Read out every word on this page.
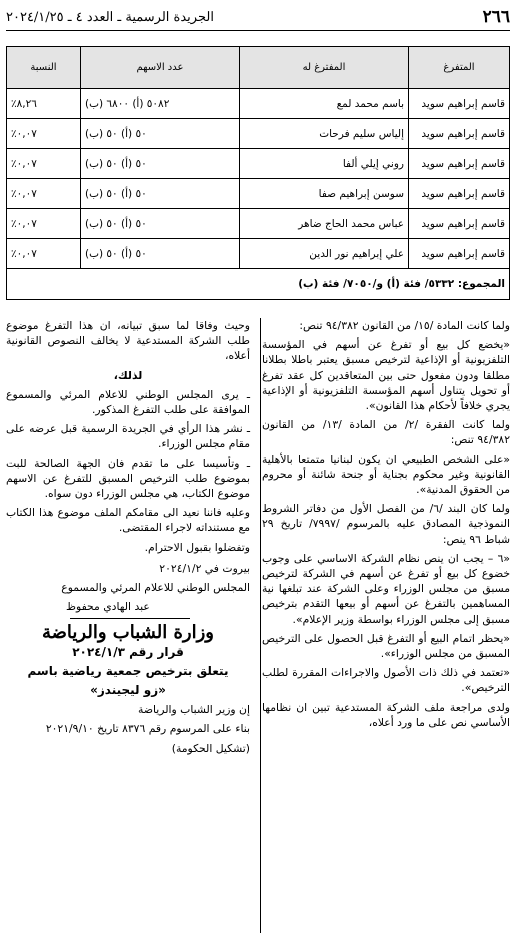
٢٦٦
الجريدة الرسمية ـ العدد ٤ ـ ٢٠٢٤/١/٢٥
المتفرغ	المفترغ له	عدد الاسهم	النسبة
قاسم إبراهيم سويد	باسم محمد لمع	٥٠٨٢ (أ) ٦٨٠٠ (ب)	٨,٢٦٪
قاسم إبراهيم سويد	إلياس سليم فرحات	٥٠ (أ) ٥٠ (ب)	٠,٠٧٪
قاسم إبراهيم سويد	روني إيلي ألفا	٥٠ (أ) ٥٠ (ب)	٠,٠٧٪
قاسم إبراهيم سويد	سوسن إبراهيم صفا	٥٠ (أ) ٥٠ (ب)	٠,٠٧٪
قاسم إبراهيم سويد	عباس محمد الحاج ضاهر	٥٠ (أ) ٥٠ (ب)	٠,٠٧٪
قاسم إبراهيم سويد	علي إبراهيم نور الدين	٥٠ (أ) ٥٠ (ب)	٠,٠٧٪
المجموع: ٥٣٣٢/ فئة (أ) و/٧٠٥٠/ فئة (ب)			

ولما كانت المادة /١٥/ من القانون ٩٤/٣٨٢ تنص:

«يخضع كل بيع أو تفرغ عن أسهم في المؤسسة التلفزيونية أو الإذاعية لترخيص مسبق يعتبر باطلا بطلانا مطلقا ودون مفعول حتى بين المتعاقدين كل عقد تفرغ أو تحويل يتناول أسهم المؤسسة التلفزيونية أو الإذاعية يجري خلافاً لأحكام هذا القانون».

ولما كانت الفقرة /٢/ من المادة /١٣/ من القانون ٩٤/٣٨٢ تنص:

«على الشخص الطبيعي ان يكون لبنانيا متمتعا بالأهلية القانونية وغير محكوم بجناية أو جنحة شائنة أو محروم من الحقوق المدنية».

ولما كان البند /٦/ من الفصل الأول من دفاتر الشروط النموذجية المصادق عليه بالمرسوم /٧٩٩٧/ تاريخ ٢٩ شباط ٩٦ ينص:

«٦ – يجب ان ينص نظام الشركة الاساسي على وجوب خضوع كل بيع أو تفرغ عن أسهم في الشركة لترخيص مسبق من مجلس الوزراء وعلى الشركة عند تبلغها نية المساهمين بالتفرغ عن أسهم أو بيعها التقدم بترخيص مسبق إلى مجلس الوزراء بواسطة وزير الإعلام».

«يحظر اتمام البيع أو التفرغ قبل الحصول على الترخيص المسبق من مجلس الوزراء».

«تعتمد في ذلك ذات الأصول والاجراءات المقررة لطلب الترخيص».

ولدى مراجعة ملف الشركة المستدعية تبين ان نظامها الأساسي نص على ما ورد أعلاه،

وحيث وفاقا لما سبق تبيانه، ان هذا التفرغ موضوع طلب الشركة المستدعية لا يخالف النصوص القانونية أعلاه،

لذلك،

ـ يرى المجلس الوطني للاعلام المرئي والمسموع الموافقة على طلب التفرغ المذكور.

ـ نشر هذا الرأي في الجريدة الرسمية قبل عرضه على مقام مجلس الوزراء.

ـ وتأسيسا على ما تقدم فان الجهة الصالحة للبت بموضوع طلب الترخيص المسبق للتفرغ عن الاسهم موضوع الكتاب، هي مجلس الوزراء دون سواه.

وعليه فاننا نعيد الى مقامكم الملف موضوع هذا الكتاب مع مستنداته لاجراء المقتضى.

وتفضلوا بقبول الاحترام.

بيروت في ٢٠٢٤/١/٢

المجلس الوطني للاعلام المرئي والمسموع

عبد الهادي محفوظ

وزارة الشباب والرياضة

قرار رقم ٢٠٢٤/١/٣

يتعلق بترخيص جمعية رياضية باسم

«زو ليجيندز»

إن وزير الشباب والرياضة

بناء على المرسوم رقم ٨٣٧٦ تاريخ ٢٠٢١/٩/١٠

(تشكيل الحكومة)
